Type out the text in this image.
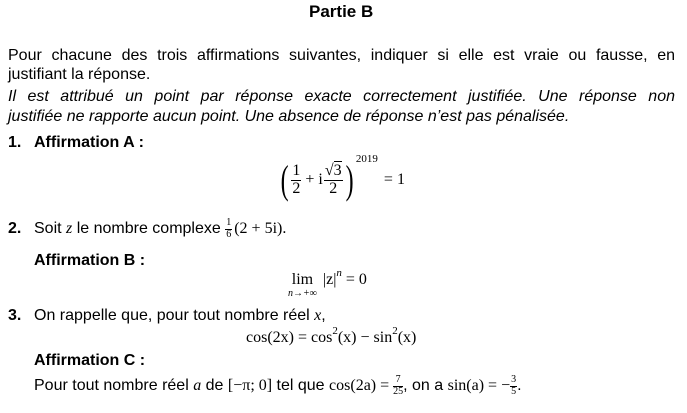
Partie B
Pour chacune des trois affirmations suivantes, indiquer si elle est vraie ou fausse, en
justifiant la réponse.
Il est attribué un point par réponse exacte correctement justifiée. Une réponse non
justifiée ne rapporte aucun point. Une absence de réponse n’est pas pénalisée.
1. Affirmation A :
( $\frac{1}{2} + i \frac{√3}{2}$ ) 2019
= 1
2. Soit z le nombre complexe $\frac{1}{6} (2 + 5i)$.
Affirmation B :
lim
n→+∞
$|z|^n = 0$
3. On rappelle que, pour tout nombre réel x,
$\cos(2x) = \cos^2(x) - \sin^2(x)$
Affirmation C :
Pour tout nombre réel a de [−π; 0] tel que $\cos(2a) = \frac{7}{25}$ , on a sin(a) = − $\frac{3}{5}$ .
